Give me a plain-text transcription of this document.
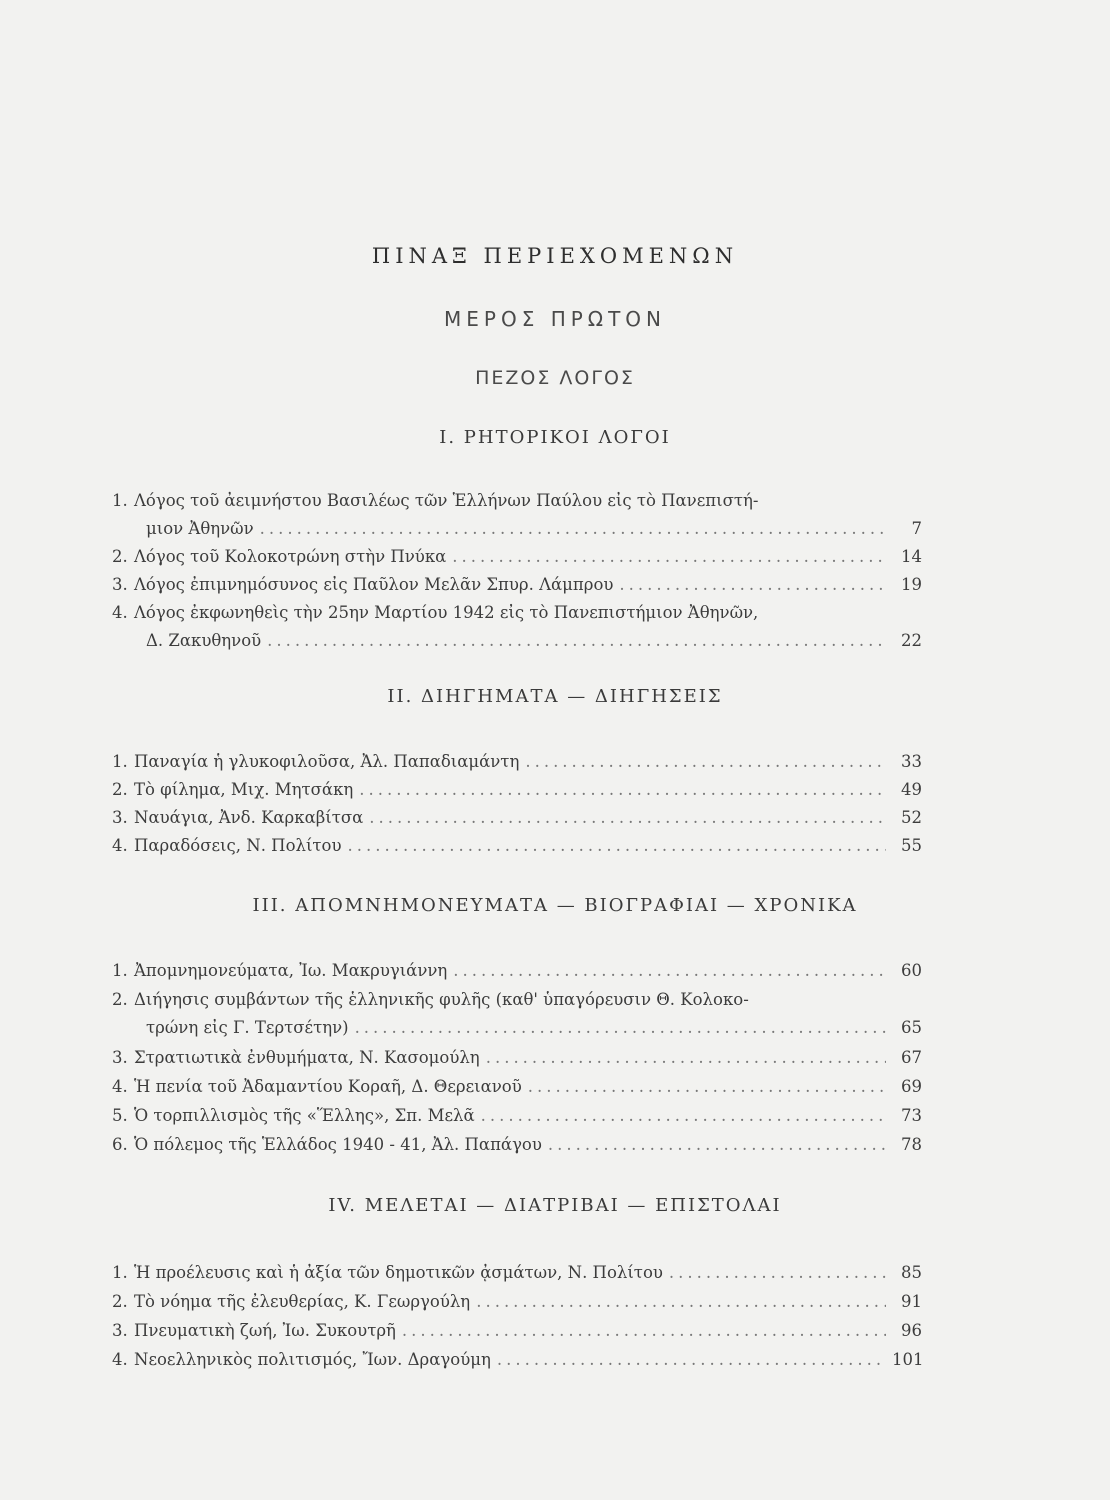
ΠΙΝΑΞ ΠΕΡΙΕΧΟΜΕΝΩΝ
ΜΕΡΟΣ ΠΡΩΤΟΝ
ΠΕΖΟΣ ΛΟΓΟΣ
I. ΡΗΤΟΡΙΚΟΙ ΛΟΓΟΙ
1. Λόγος τοῦ ἀειμνήστου Βασιλέως τῶν Ἑλλήνων Παύλου εἰς τὸ Πανεπιστή-
μιον Ἀθηνῶν .....	7
2. Λόγος τοῦ Κολοκοτρώνη στὴν Πνύκα .....	14
3. Λόγος ἐπιμνημόσυνος εἰς Παῦλον Μελᾶν Σπυρ. Λάμπρου .....	19
4. Λόγος ἐκφωνηθεὶς τὴν 25ην Μαρτίου 1942 εἰς τὸ Πανεπιστήμιον Ἀθηνῶν,
Δ. Ζακυθηνοῦ .....	22
II. ΔΙΗΓΗΜΑΤΑ — ΔΙΗΓΗΣΕΙΣ
1. Παναγία ἡ γλυκοφιλοῦσα, Ἀλ. Παπαδιαμάντη .....	33
2. Τὸ φίλημα, Μιχ. Μητσάκη .....	49
3. Ναυάγια, Ἀνδ. Καρκαβίτσα .....	52
4. Παραδόσεις, Ν. Πολίτου .....	55
III. ΑΠΟΜΝΗΜΟΝΕΥΜΑΤΑ — ΒΙΟΓΡΑΦΙΑΙ — ΧΡΟΝΙΚΑ
1. Ἀπομνημονεύματα, Ἰω. Μακρυγιάννη .....	60
2. Διήγησις συμβάντων τῆς ἑλληνικῆς φυλῆς (καθ' ὑπαγόρευσιν Θ. Κολοκο-
τρώνη εἰς Γ. Τερτσέτην) .....	65
3. Στρατιωτικὰ ἐνθυμήματα, Ν. Κασομούλη .....	67
4. Ἡ πενία τοῦ Ἀδαμαντίου Κοραῆ, Δ. Θερειανοῦ .....	69
5. Ὁ τορπιλλισμὸς τῆς «Ἕλλης», Σπ. Μελᾶ .....	73
6. Ὁ πόλεμος τῆς Ἑλλάδος 1940 - 41, Ἀλ. Παπάγου .....	78
IV. ΜΕΛΕΤΑΙ — ΔΙΑΤΡΙΒΑΙ — ΕΠΙΣΤΟΛΑΙ
1. Ἡ προέλευσις καὶ ἡ ἀξία τῶν δημοτικῶν ᾀσμάτων, Ν. Πολίτου .....	85
2. Τὸ νόημα τῆς ἐλευθερίας, Κ. Γεωργούλη .....	91
3. Πνευματικὴ ζωή, Ἰω. Συκουτρῆ .....	96
4. Νεοελληνικὸς πολιτισμός, Ἴων. Δραγούμη .....	101
